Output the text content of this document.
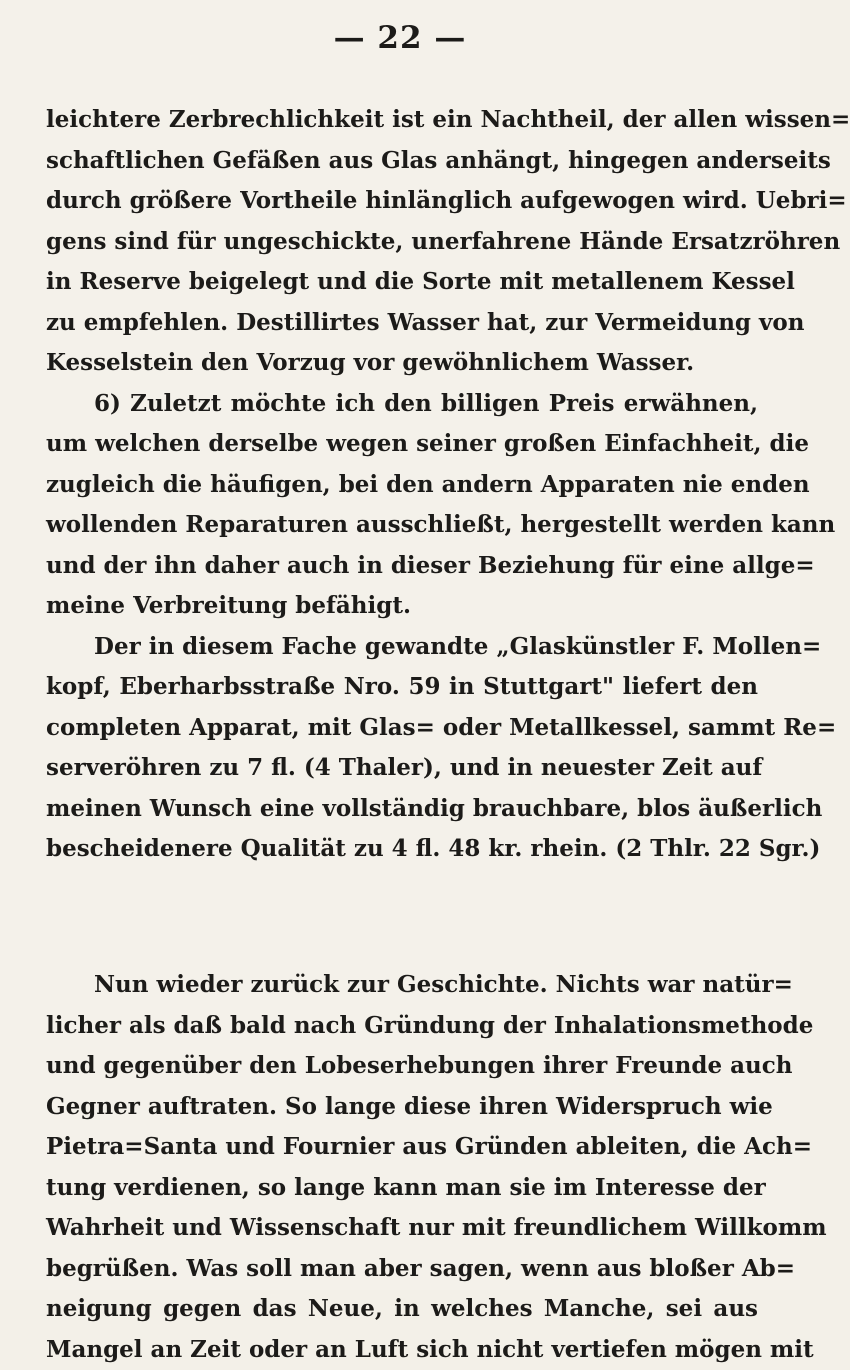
— 22 —
leichtere Zerbrechlichkeit ist ein Nachtheil, der allen wissen=
schaftlichen Gefäßen aus Glas anhängt, hingegen anderseits
durch größere Vortheile hinlänglich aufgewogen wird. Uebri=
gens sind für ungeschickte, unerfahrene Hände Ersatzröhren
in Reserve beigelegt und die Sorte mit metallenem Kessel
zu empfehlen. Destillirtes Wasser hat, zur Vermeidung von
Kesselstein den Vorzug vor gewöhnlichem Wasser.
6) Zuletzt möchte ich den billigen Preis erwähnen,
um welchen derselbe wegen seiner großen Einfachheit, die
zugleich die häufigen, bei den andern Apparaten nie enden
wollenden Reparaturen ausschließt, hergestellt werden kann
und der ihn daher auch in dieser Beziehung für eine allge=
meine Verbreitung befähigt.
Der in diesem Fache gewandte „Glaskünstler F. Mollen=
kopf, Eberharbsstraße Nro. 59 in Stuttgart" liefert den
completen Apparat, mit Glas= oder Metallkessel, sammt Re=
serveröhren zu 7 fl. (4 Thaler), und in neuester Zeit auf
meinen Wunsch eine vollständig brauchbare, blos äußerlich
bescheidenere Qualität zu 4 fl. 48 kr. rhein. (2 Thlr. 22 Sgr.)
Nun wieder zurück zur Geschichte. Nichts war natür=
licher als daß bald nach Gründung der Inhalationsmethode
und gegenüber den Lobeserhebungen ihrer Freunde auch
Gegner auftraten. So lange diese ihren Widerspruch wie
Pietra=Santa und Fournier aus Gründen ableiten, die Ach=
tung verdienen, so lange kann man sie im Interesse der
Wahrheit und Wissenschaft nur mit freundlichem Willkomm
begrüßen. Was soll man aber sagen, wenn aus bloßer Ab=
neigung gegen das Neue, in welches Manche, sei aus
Mangel an Zeit oder an Luft sich nicht vertiefen mögen mit
